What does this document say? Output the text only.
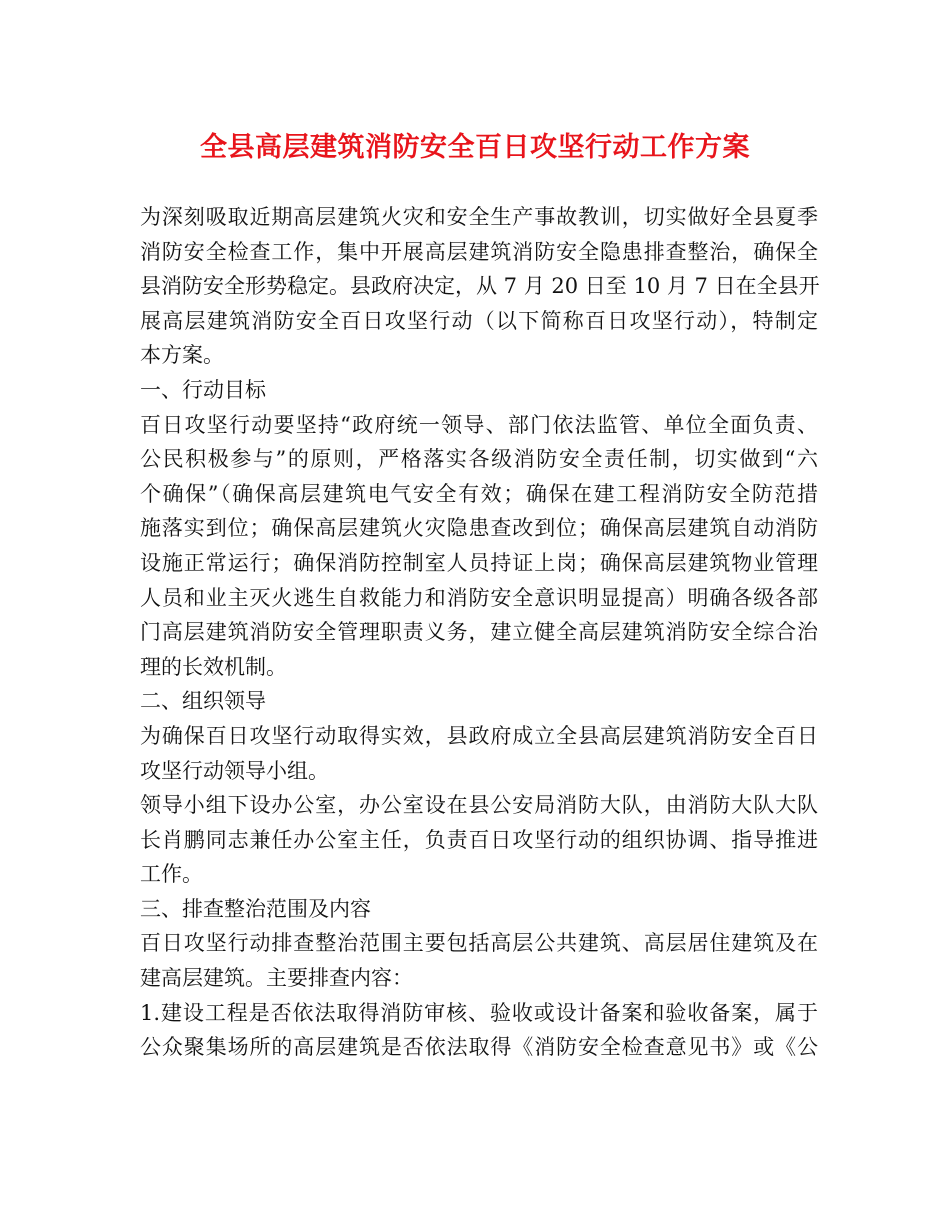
全县高层建筑消防安全百日攻坚行动工作方案
为深刻吸取近期高层建筑火灾和安全生产事故教训，切实做好全县夏季
消防安全检查工作，集中开展高层建筑消防安全隐患排查整治，确保全
县消防安全形势稳定。县政府决定，从 7 月 20 日至 10 月 7 日在全县开
展高层建筑消防安全百日攻坚行动（以下简称百日攻坚行动），特制定
本方案。
一、行动目标
百日攻坚行动要坚持“政府统一领导、部门依法监管、单位全面负责、
公民积极参与”的原则，严格落实各级消防安全责任制，切实做到“六
个确保”（确保高层建筑电气安全有效；确保在建工程消防安全防范措
施落实到位；确保高层建筑火灾隐患查改到位；确保高层建筑自动消防
设施正常运行；确保消防控制室人员持证上岗；确保高层建筑物业管理
人员和业主灭火逃生自救能力和消防安全意识明显提高）明确各级各部
门高层建筑消防安全管理职责义务，建立健全高层建筑消防安全综合治
理的长效机制。
二、组织领导
为确保百日攻坚行动取得实效，县政府成立全县高层建筑消防安全百日
攻坚行动领导小组。
领导小组下设办公室，办公室设在县公安局消防大队，由消防大队大队
长肖鹏同志兼任办公室主任，负责百日攻坚行动的组织协调、指导推进
工作。
三、排查整治范围及内容
百日攻坚行动排查整治范围主要包括高层公共建筑、高层居住建筑及在
建高层建筑。主要排查内容：
1.建设工程是否依法取得消防审核、验收或设计备案和验收备案，属于
公众聚集场所的高层建筑是否依法取得《消防安全检查意见书》或《公
